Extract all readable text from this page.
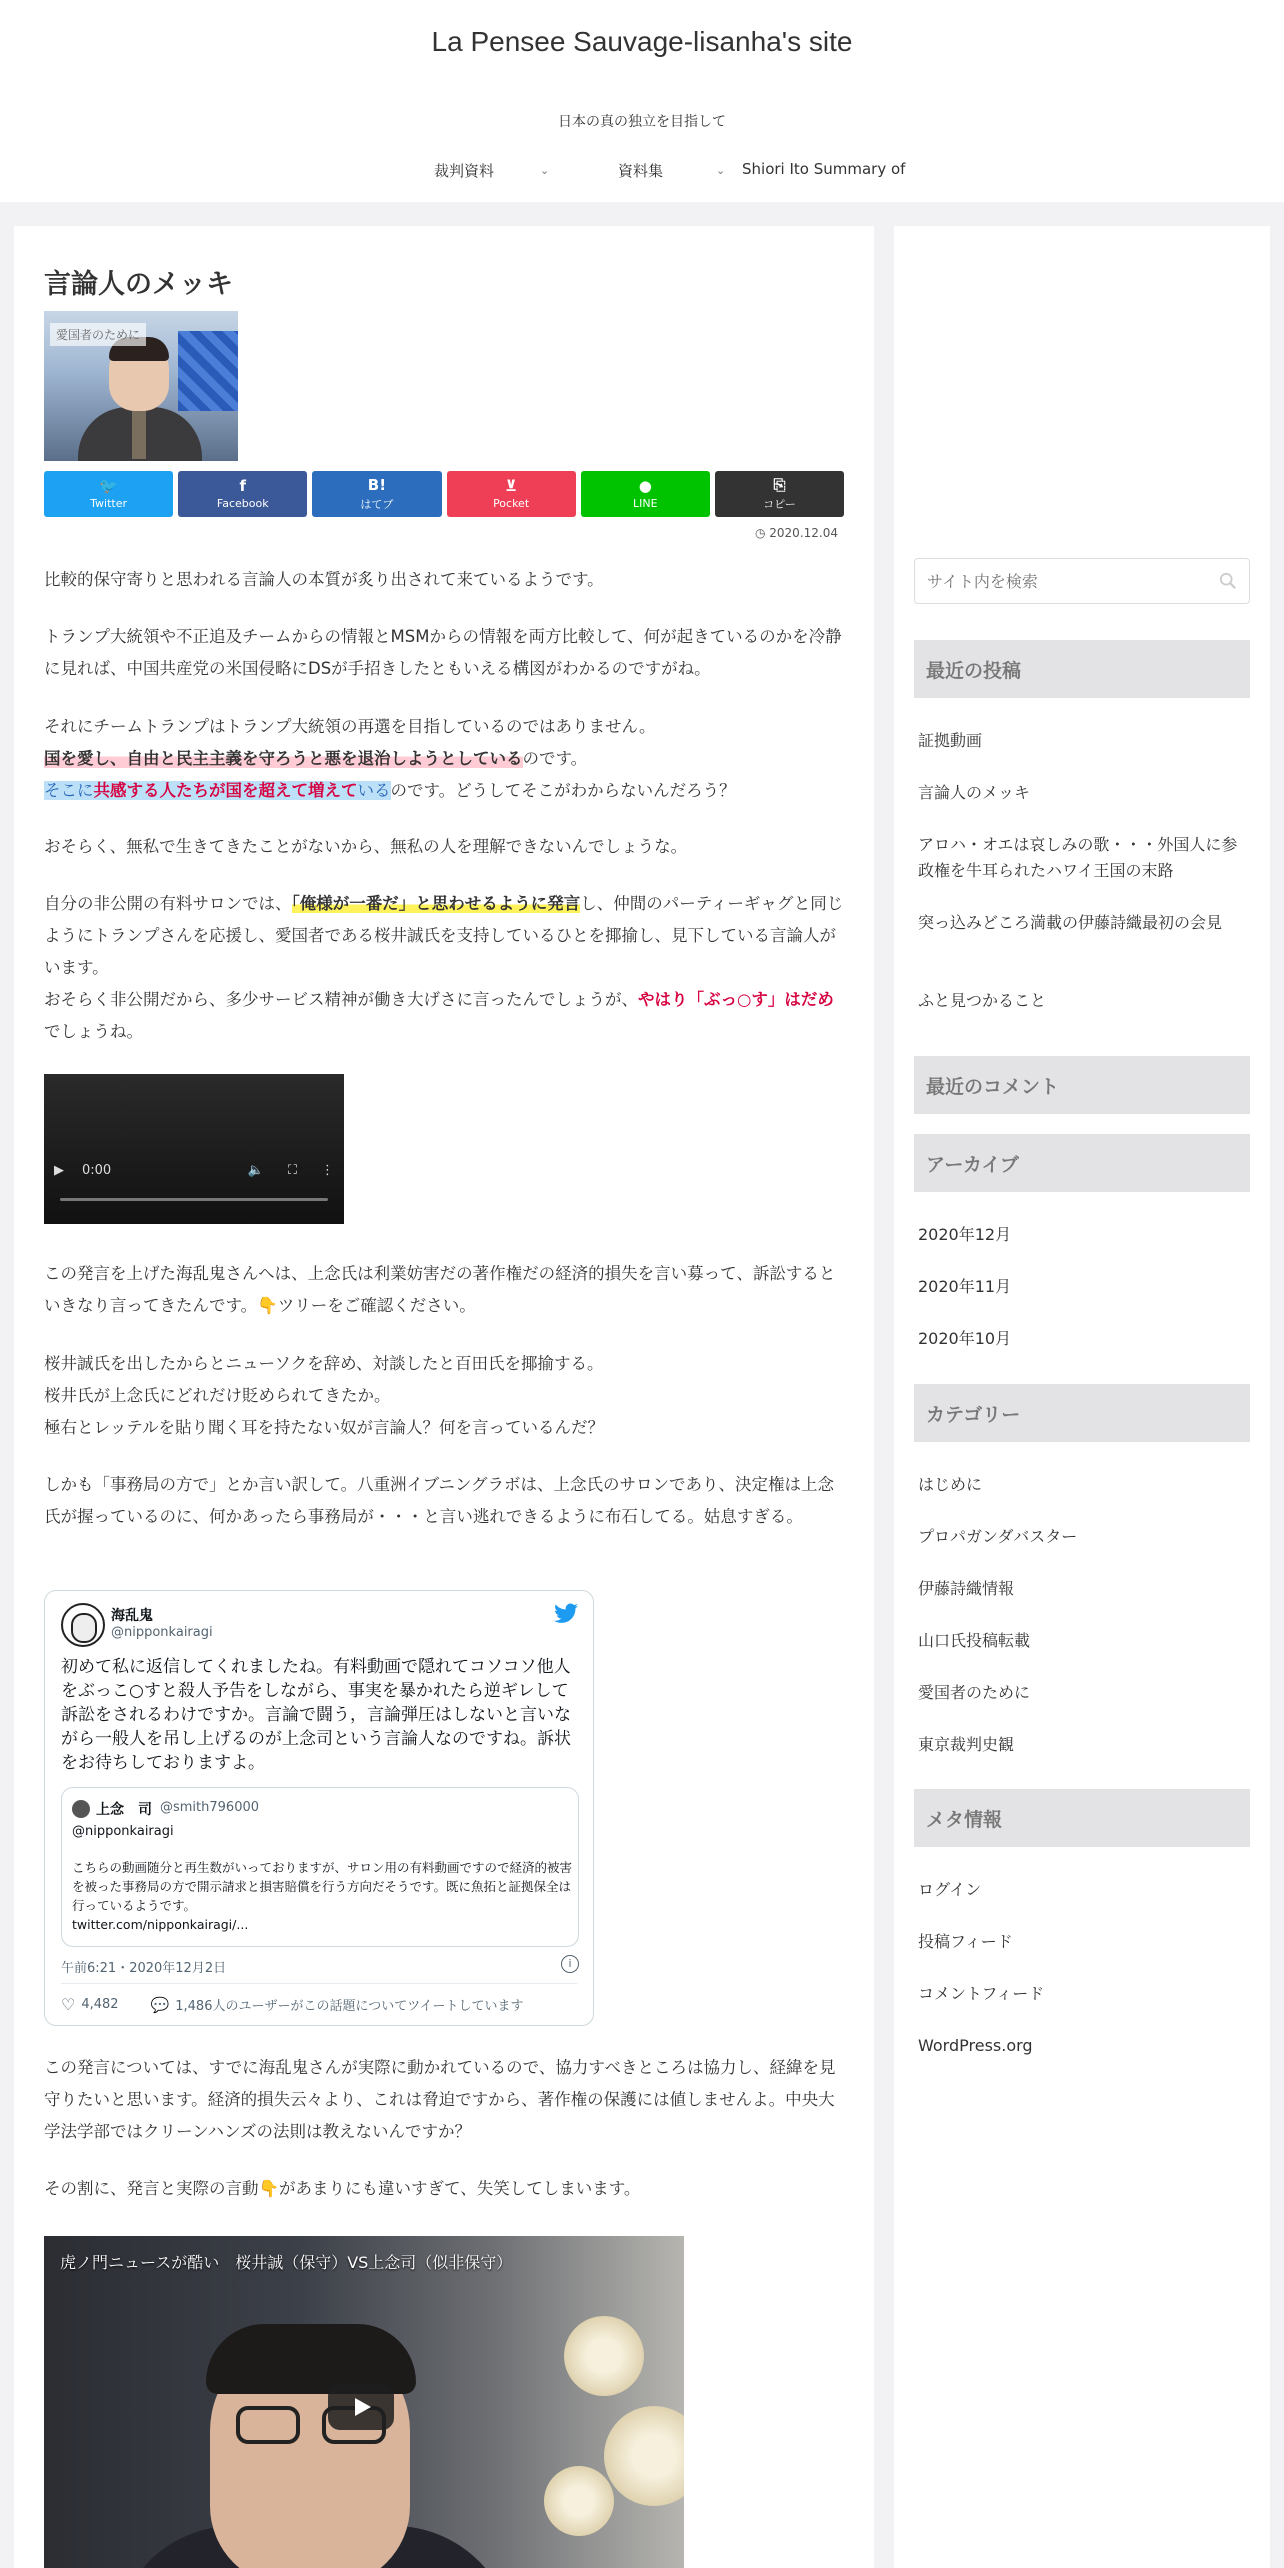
La Pensee Sauvage-lisanha's site
日本の真の独立を目指して
裁判資料	⌄	資料集	⌄ Shiori Ito Summary of
言論人のメッキ
愛国者のために
🐦
Twitter
f
Facebook
B!
はてブ
⊻
Pocket
●
LINE
⎘
コピー
◷ 2020.12.04

比較的保守寄りと思われる言論人の本質が炙り出されて来ているようです。

トランプ大統領や不正追及チームからの情報とMSMからの情報を両方比較して、何が起きているのかを冷静に見れば、中国共産党の米国侵略にDSが手招きしたともいえる構図がわかるのですがね。

それにチームトランプはトランプ大統領の再選を目指しているのではありません。
国を愛し、自由と民主主義を守ろうと悪を退治しようとしているのです。
そこに共感する人たちが国を超えて増えているのです。どうしてそこがわからないんだろう？

おそらく、無私で生きてきたことがないから、無私の人を理解できないんでしょうな。

自分の非公開の有料サロンでは、「俺様が一番だ」と思わせるように発言し、仲間のパーティーギャグと同じようにトランプさんを応援し、愛国者である桜井誠氏を支持しているひとを揶揄し、見下している言論人がいます。
おそらく非公開だから、多少サービス精神が働き大げさに言ったんでしょうが、やはり「ぶっ○す」はだめでしょうね。

▶ 0:00	🔈 ⛶ ⋮

この発言を上げた海乱鬼さんへは、上念氏は利業妨害だの著作権だの経済的損失を言い募って、訴訟するといきなり言ってきたんです。👇ツリーをご確認ください。

桜井誠氏を出したからとニューソクを辞め、対談したと百田氏を揶揄する。
桜井氏が上念氏にどれだけ貶められてきたか。
極右とレッテルを貼り聞く耳を持たない奴が言論人？何を言っているんだ？

しかも「事務局の方で」とか言い訳して。八重洲イブニングラボは、上念氏のサロンであり、決定権は上念氏が握っているのに、何かあったら事務局が・・・と言い逃れできるように布石してる。姑息すぎる。

海乱鬼
@nipponkairagi
初めて私に返信してくれましたね。有料動画で隠れてコソコソ他人をぶっこ○すと殺人予告をしながら、事実を暴かれたら逆ギレして訴訟をされるわけですか。言論で闘う，言論弾圧はしないと言いながら一般人を吊し上げるのが上念司という言論人なのですね。訴状をお待ちしておりますよ。
上念　司 @smith796000
@nipponkairagi
こちらの動画随分と再生数がいっておりますが、サロン用の有料動画ですので経済的被害を被った事務局の方で開示請求と損害賠償を行う方向だそうです。既に魚拓と証拠保全は行っているようです。
twitter.com/nipponkairagi/...
午前6:21・2020年12月2日	i
♡ 4,482 💬 1,486人のユーザーがこの話題についてツイートしています

この発言については、すでに海乱鬼さんが実際に動かれているので、協力すべきところは協力し、経緯を見守りたいと思います。経済的損失云々より、これは脅迫ですから、著作権の保護には値しませんよ。中央大学法学部ではクリーンハンズの法則は教えないんですか？

その割に、発言と実際の言動👇があまりにも違いすぎて、失笑してしまいます。

虎ノ門ニュースが酷い　桜井誠（保守）VS上念司（似非保守）
サイト内を検索
最近の投稿
証拠動画
言論人のメッキ
アロハ・オエは哀しみの歌・・・外国人に参政権を牛耳られたハワイ王国の末路
突っ込みどころ満載の伊藤詩織最初の会見
ふと見つかること
最近のコメント
アーカイブ
2020年12月
2020年11月
2020年10月
カテゴリー
はじめに
プロパガンダバスター
伊藤詩織情報
山口氏投稿転載
愛国者のために
東京裁判史観
メタ情報
ログイン
投稿フィード
コメントフィード
WordPress.org
